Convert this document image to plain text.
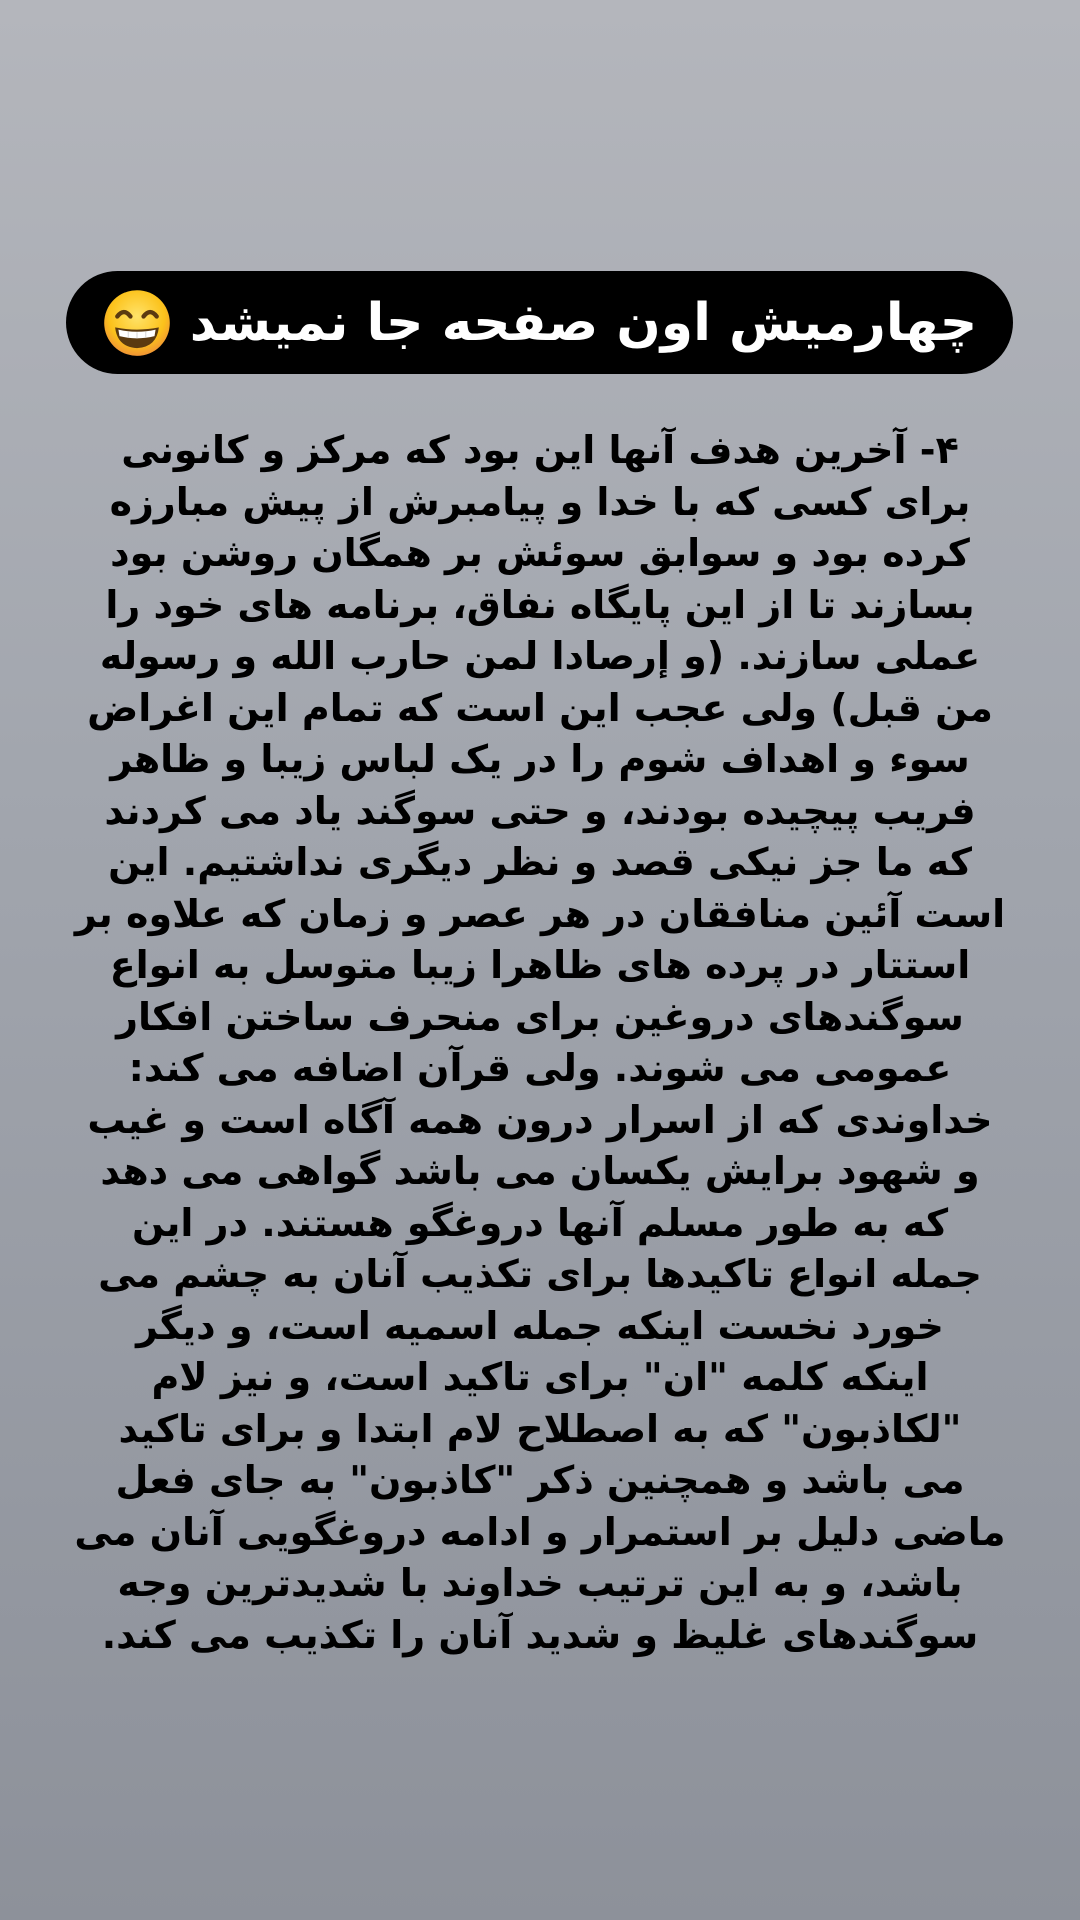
چهارمیش اون صفحه جا نمیشد

۴- آخرین هدف آنها این بود که مرکز و کانونی
برای کسی که با خدا و پیامبرش از پیش مبارزه
کرده بود و سوابق سوئش بر همگان روشن بود
بسازند تا از این پایگاه نفاق، برنامه های خود را
عملی سازند. (و إرصادا لمن حارب الله و رسوله
من قبل) ولی عجب این است که تمام این اغراض
سوء و اهداف شوم را در یک لباس زیبا و ظاهر
فریب پیچیده بودند، و حتی سوگند یاد می کردند
که ما جز نیکی قصد و نظر دیگری نداشتیم. این
است آئین منافقان در هر عصر و زمان که علاوه بر
استتار در پرده های ظاهرا زیبا متوسل به انواع
سوگندهای دروغین برای منحرف ساختن افکار
عمومی می شوند. ولی قرآن اضافه می کند:
خداوندی که از اسرار درون همه آگاه است و غیب
و شهود برایش یکسان می باشد گواهی می دهد
که به طور مسلم آنها دروغگو هستند. در این
جمله انواع تاکیدها برای تکذیب آنان به چشم می
خورد نخست اینکه جمله اسمیه است، و دیگر
اینکه کلمه "ان" برای تاکید است، و نیز لام
"لکاذبون" که به اصطلاح لام ابتدا و برای تاکید
می باشد و همچنین ذکر "کاذبون" به جای فعل
ماضی دلیل بر استمرار و ادامه دروغگویی آنان می
باشد، و به این ترتیب خداوند با شدیدترین وجه
سوگندهای غلیظ و شدید آنان را تکذیب می کند.
